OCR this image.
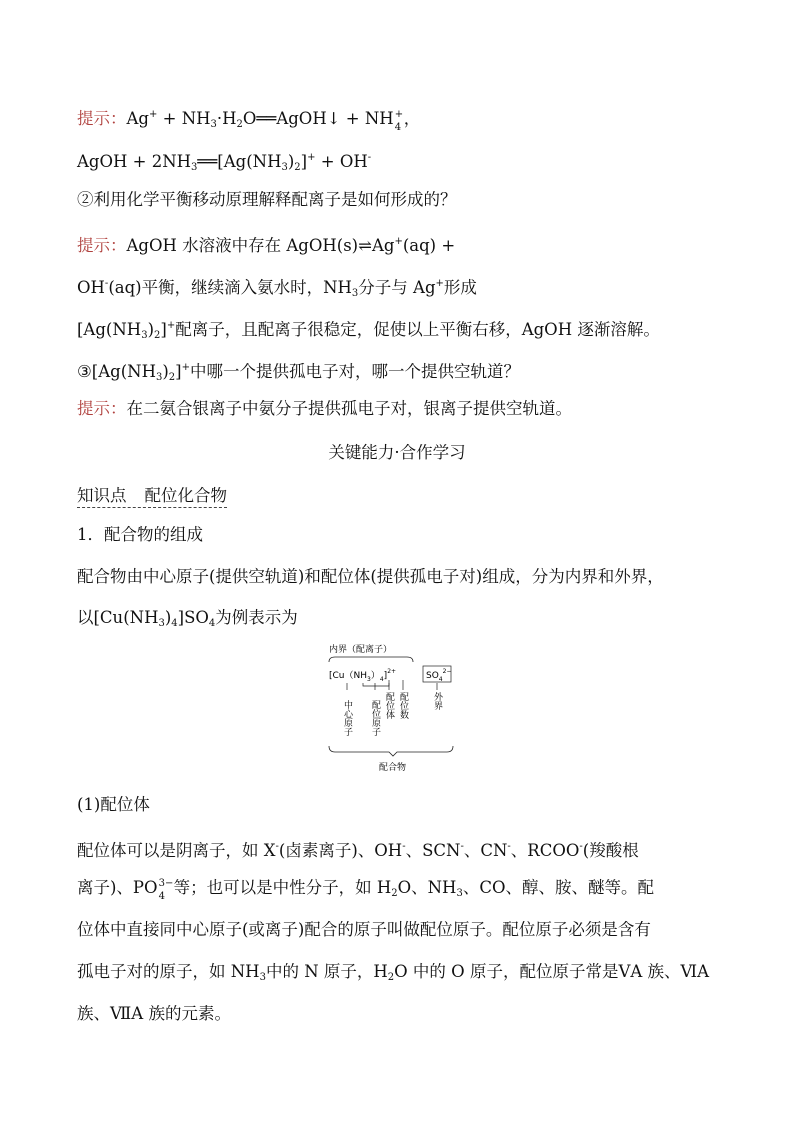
提示：$Ag^+ + NH_3\cdot H_2O══AgOH↓$ + NH +
4 ，
AgOH + $2NH_3══[Ag(NH_3)_2]^+ + OH^-$
②利用化学平衡移动原理解释配离子是如何形成的？
提示：AgOH 水溶液中存在 AgOH(s)⇌Ag+(aq) +
OH-(aq)平衡，继续滴入氨水时，$NH_3$分子与 Ag+形成
$[Ag(NH_3)_2]^+$配离子，且配离子很稳定，促使以上平衡右移，AgOH 逐渐溶解。
$③[Ag(NH_3)_2]^+$中哪一个提供孤电子对，哪一个提供空轨道？
提示：在二氨合银离子中氨分子提供孤电子对，银离子提供空轨道。
关键能力·合作学习
知识点 配位化合物
1．配合物的组成
配合物由中心原子(提供空轨道)和配位体(提供孤电子对)组成，分为内界和外界，
以$[Cu(NH_3)_4]SO_4$为例表示为
内界（配离子）
$[Cu(NH_3)_4]^{2+}$	$SO_4^{2-}$
中心原子 配位原子 配位体 配位数	外界
配合物
(1)配位体
配位体可以是阴离子，如 X-(卤素离子)、OH-、SCN-、CN-、RCOO-(羧酸根
离子)、PO 3−
4 等；也可以是中性分子，如 $H_2O$、$NH_3$、CO、醇、胺、醚等。配
位体中直接同中心原子(或离子)配合的原子叫做配位原子。配位原子必须是含有
孤电子对的原子，如 $NH_3$中的 N 原子，$H_2O$ 中的 O 原子，配位原子常是ⅤA 族、ⅥA
族、ⅦA 族的元素。
